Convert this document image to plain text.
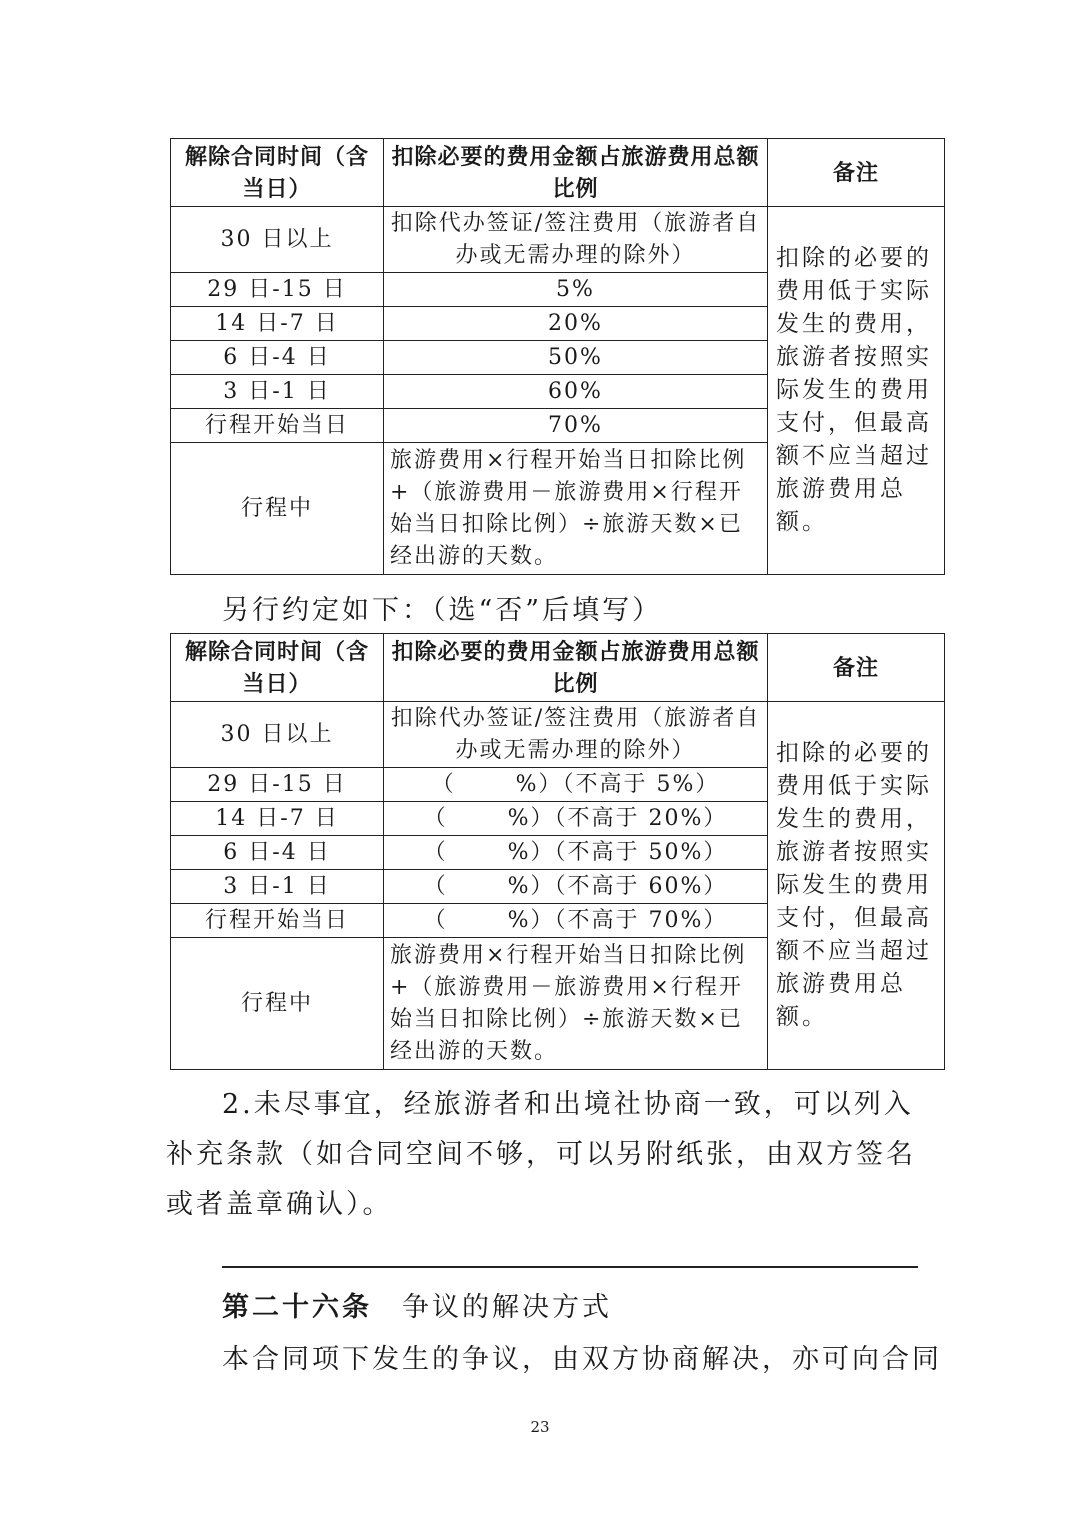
解除合同时间（含当日）	扣除必要的费用金额占旅游费用总额比例	备注
30 日以上	扣除代办签证/签注费用（旅游者自办或无需办理的除外）	扣除的必要的费用低于实际发生的费用，旅游者按照实际发生的费用支付，但最高额不应当超过旅游费用总额。
29 日-15 日	5%	
14 日-7 日	20%	
6 日-4 日	50%	
3 日-1 日	60%	
行程开始当日	70%	
行程中	旅游费用×行程开始当日扣除比例+（旅游费用－旅游费用×行程开始当日扣除比例）÷旅游天数×已经出游的天数。	
另行约定如下：（选“否”后填写）
解除合同时间（含当日）	扣除必要的费用金额占旅游费用总额比例	备注
30 日以上	扣除代办签证/签注费用（旅游者自办或无需办理的除外）	扣除的必要的费用低于实际发生的费用，旅游者按照实际发生的费用支付，但最高额不应当超过旅游费用总额。
29 日-15 日	（ %）（不高于 5%）	
14 日-7 日	（ %）（不高于 20%）	
6 日-4 日	（ %）（不高于 50%）	
3 日-1 日	（ %）（不高于 60%）	
行程开始当日	（ %）（不高于 70%）	
行程中	旅游费用×行程开始当日扣除比例+（旅游费用－旅游费用×行程开始当日扣除比例）÷旅游天数×已经出游的天数。	
2.未尽事宜，经旅游者和出境社协商一致，可以列入补充条款（如合同空间不够，可以另附纸张，由双方签名或者盖章确认）。
第二十六条 争议的解决方式
本合同项下发生的争议，由双方协商解决，亦可向合同
23
